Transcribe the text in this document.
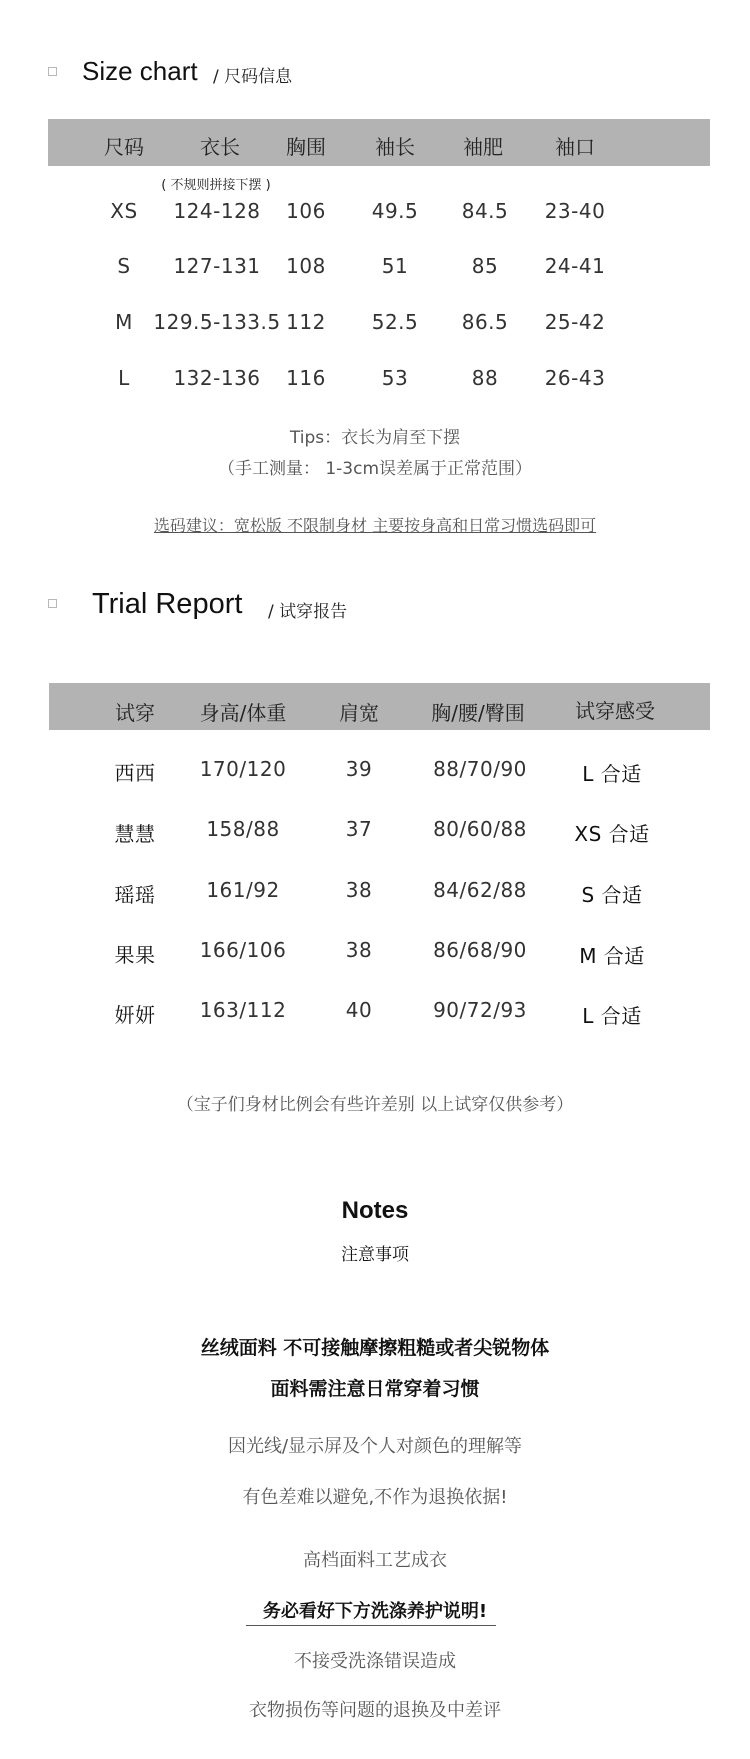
Size chart / 尺码信息
尺码	衣长 胸围 袖长 袖肥	袖口
( 不规则拼接下摆 )
XS 124-128 106 49.5 84.5 23-40
S 127-131 108	51	85 24-41
M 129.5-133.5 112 52.5 86.5 25-42
L 132-136 116	53	88 26-43
Tips：衣长为肩至下摆
（手工测量： 1-3cm误差属于正常范围）
选码建议：宽松版 不限制身材 主要按身高和日常习惯选码即可
Trial Report / 试穿报告
试穿 身高/体重	肩宽	胸/腰/臀围	试穿感受
西西 170/120	39	88/70/90	L 合适
慧慧	158/88	37	80/60/88 XS 合适
瑶瑶	161/92	38	84/62/88	S 合适
果果 166/106	38	86/68/90	M 合适
妍妍 163/112	40	90/72/93	L 合适
（宝子们身材比例会有些许差别 以上试穿仅供参考）
Notes
注意事项
丝绒面料 不可接触摩擦粗糙或者尖锐物体
面料需注意日常穿着习惯
因光线/显示屏及个人对颜色的理解等
有色差难以避免,不作为退换依据!
高档面料工艺成衣
务必看好下方洗涤养护说明!
不接受洗涤错误造成
衣物损伤等问题的退换及中差评
